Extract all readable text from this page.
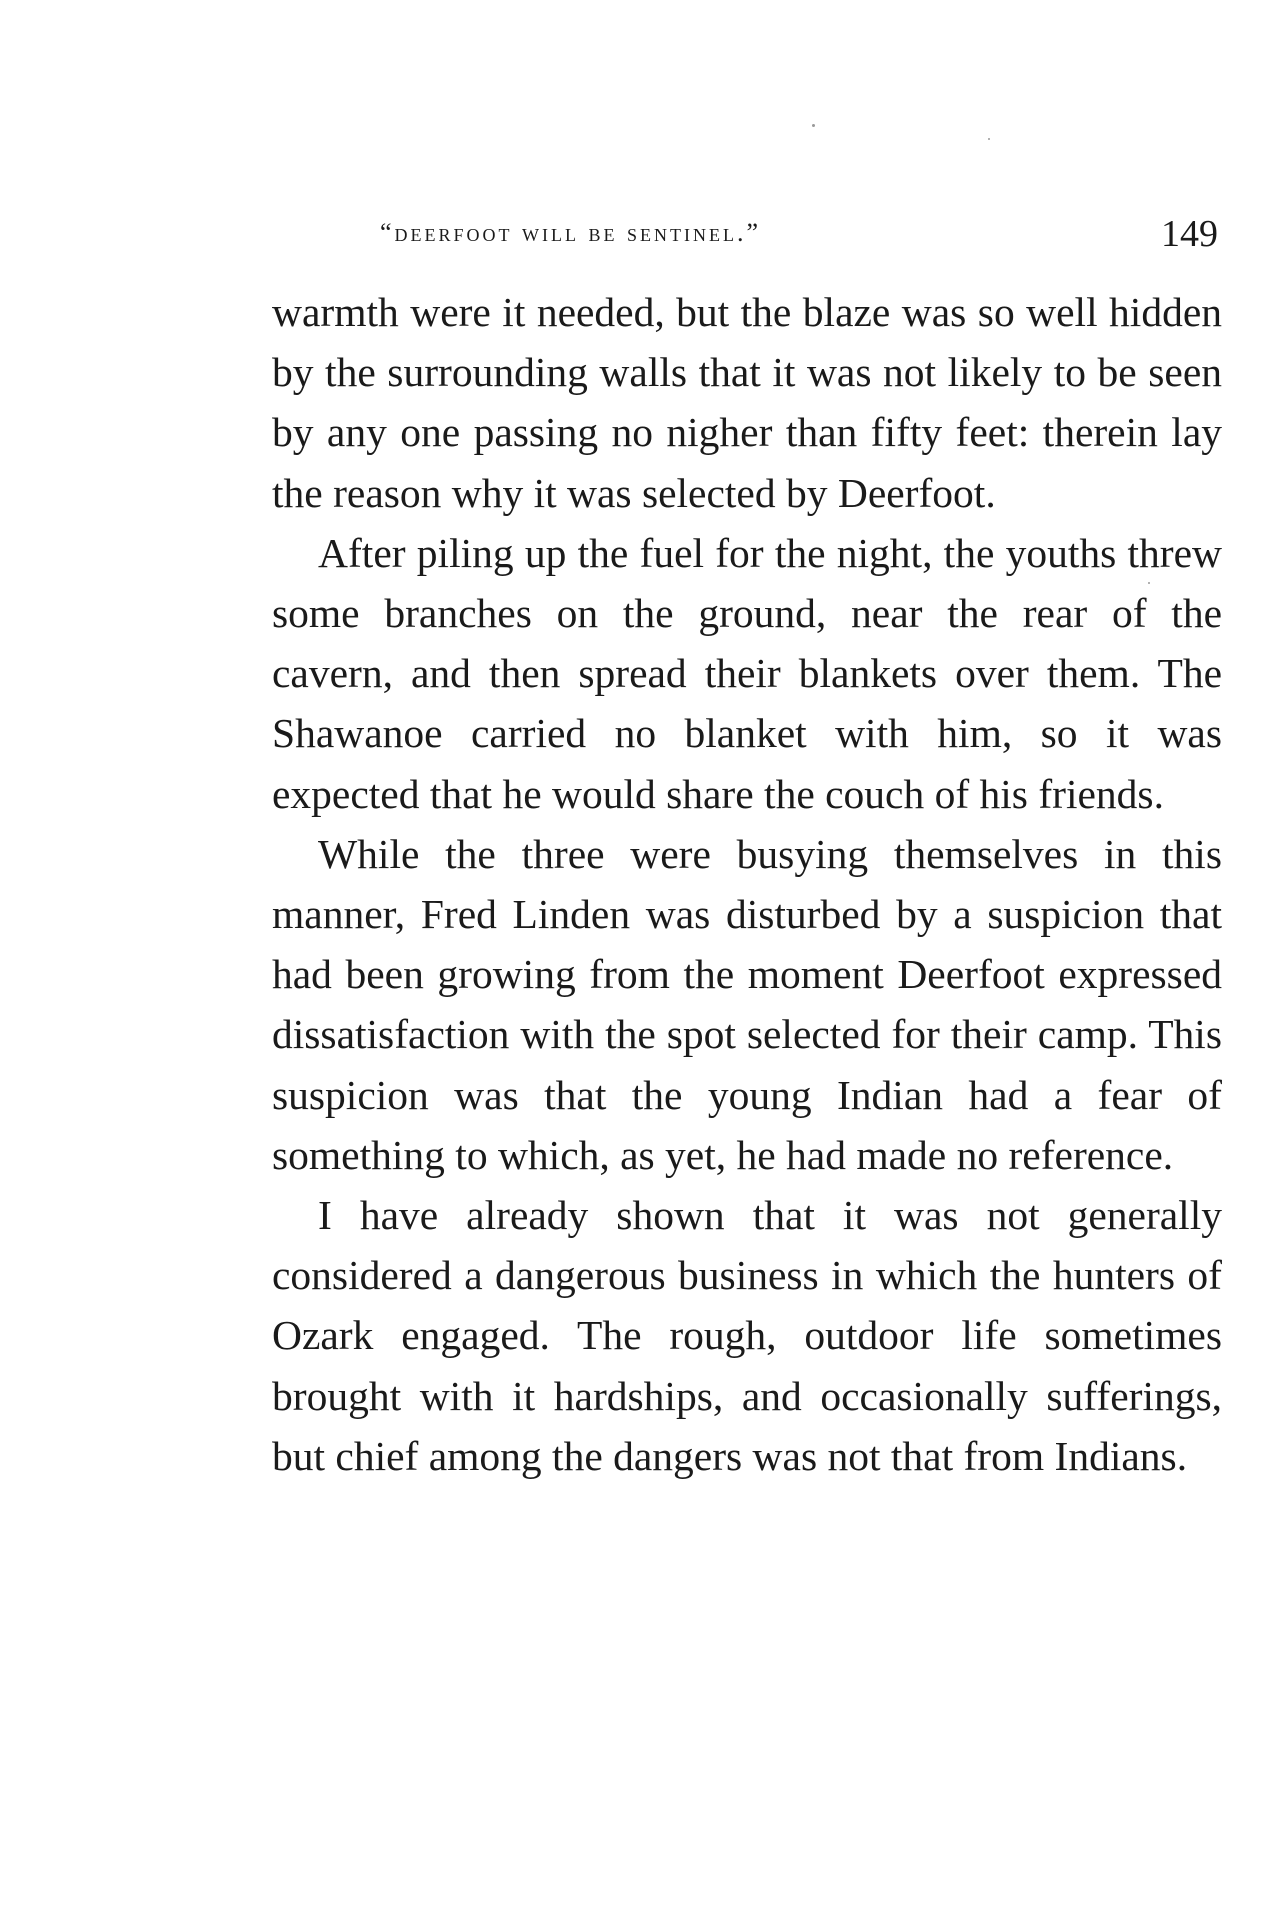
“deerfoot will be sentinel.”	149

warmth were it needed, but the blaze was so well hidden by the surrounding walls that it was not likely to be seen by any one passing no nigher than fifty feet: therein lay the reason why it was selected by Deerfoot.

After piling up the fuel for the night, the youths threw some branches on the ground, near the rear of the cavern, and then spread their blankets over them. The Shawanoe carried no blanket with him, so it was expected that he would share the couch of his friends.

While the three were busying themselves in this manner, Fred Linden was disturbed by a suspicion that had been growing from the moment Deerfoot expressed dissatisfaction with the spot selected for their camp. This suspicion was that the young Indian had a fear of something to which, as yet, he had made no reference.

I have already shown that it was not generally considered a dangerous business in which the hunters of Ozark engaged. The rough, outdoor life sometimes brought with it hardships, and occasionally sufferings, but chief among the dangers was not that from Indians.
